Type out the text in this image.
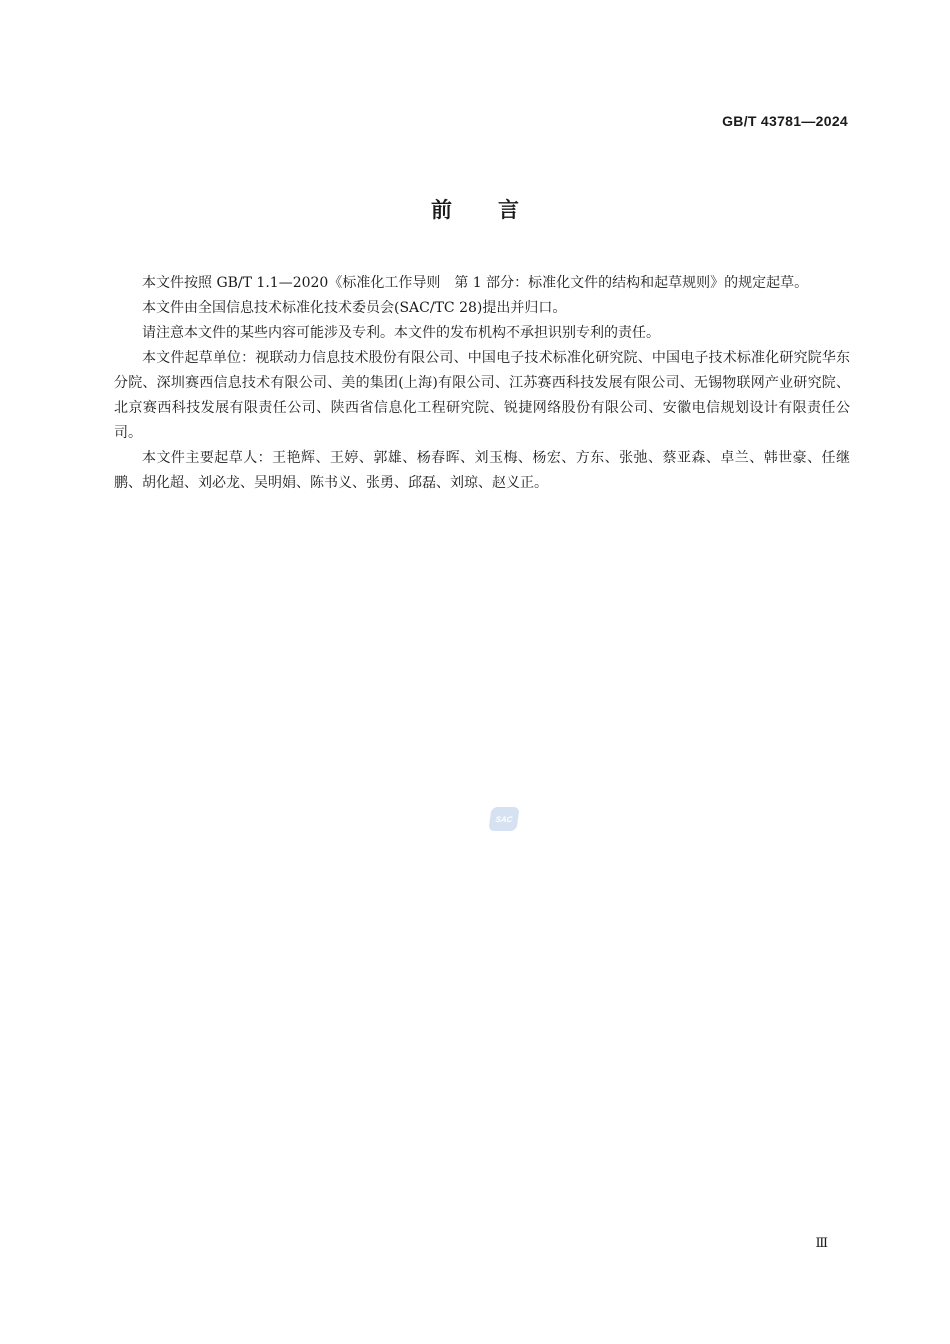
GB/T 43781—2024
前言

本文件按照 GB/T 1.1—2020《标准化工作导则　第 1 部分：标准化文件的结构和起草规则》的规定起草。

本文件由全国信息技术标准化技术委员会(SAC/TC 28)提出并归口。

请注意本文件的某些内容可能涉及专利。本文件的发布机构不承担识别专利的责任。

本文件起草单位：视联动力信息技术股份有限公司、中国电子技术标准化研究院、中国电子技术标准化研究院华东分院、深圳赛西信息技术有限公司、美的集团(上海)有限公司、江苏赛西科技发展有限公司、无锡物联网产业研究院、北京赛西科技发展有限责任公司、陕西省信息化工程研究院、锐捷网络股份有限公司、安徽电信规划设计有限责任公司。

本文件主要起草人：王艳辉、王婷、郭雄、杨春晖、刘玉梅、杨宏、方东、张弛、蔡亚森、卓兰、韩世豪、任继鹏、胡化超、刘必龙、吴明娟、陈书义、张勇、邱磊、刘琼、赵义正。

SAC
Ⅲ
